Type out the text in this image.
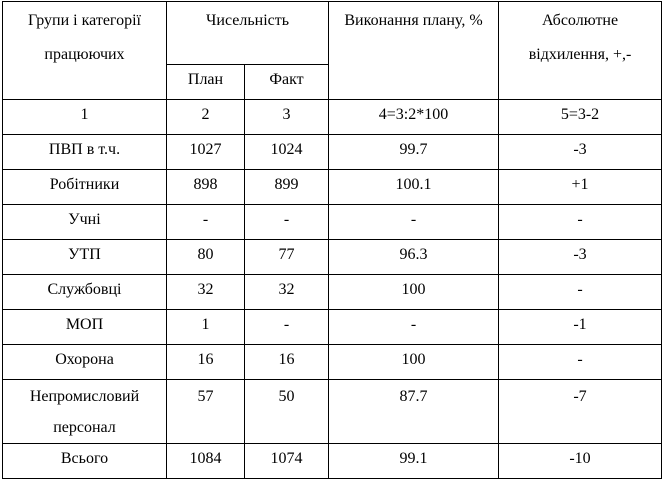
Групи і категорії працюючих	Чисельність		Виконання плану, %	Абсолютне відхилення, +,-
	План	Факт		
1	2	3	4=3:2*100	5=3-2
ПВП в т.ч.	1027	1024	99.7	-3
Робітники	898	899	100.1	+1
Учні	-	-	-	-
УТП	80	77	96.3	-3
Службовці	32	32	100	-
МОП	1	-	-	-1
Охорона	16	16	100	-
Непромисловий персонал	57	50	87.7	-7
Всього	1084	1074	99.1	-10
